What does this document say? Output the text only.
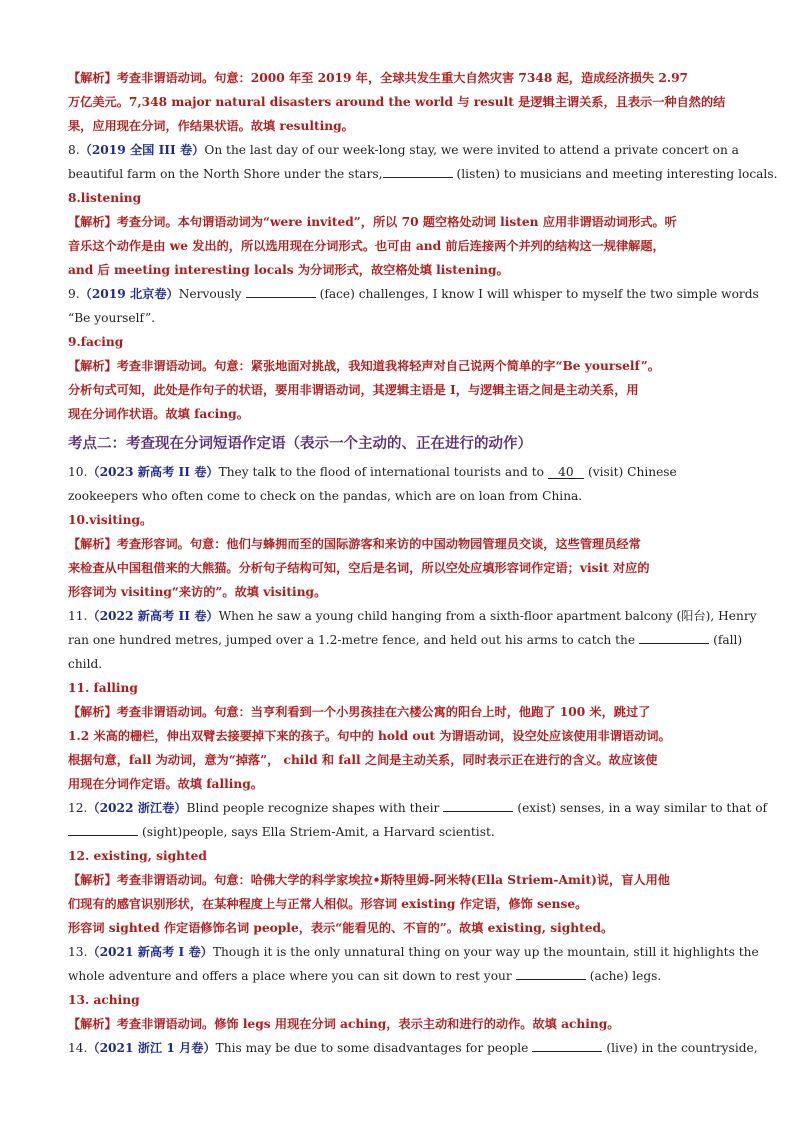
【解析】考查非谓语动词。句意：2000 年至 2019 年，全球共发生重大自然灾害 7348 起，造成经济损失 2.97
万亿美元。7,348 major natural disasters around the world 与 result 是逻辑主谓关系，且表示一种自然的结
果，应用现在分词，作结果状语。故填 resulting。
8.（2019 全国 III 卷）On the last day of our week-long stay, we were invited to attend a private concert on a
beautiful farm on the North Shore under the stars,	(listen) to musicians and meeting interesting locals.
8.listening
【解析】考查分词。本句谓语动词为“were invited”，所以 70 题空格处动词 listen 应用非谓语动词形式。听
音乐这个动作是由 we 发出的，所以选用现在分词形式。也可由 and 前后连接两个并列的结构这一规律解题，
and 后 meeting interesting locals 为分词形式，故空格处填 listening。
9.（2019 北京卷）Nervously	(face) challenges, I know I will whisper to myself the two simple words
“Be yourself”.
9.facing
【解析】考查非谓语动词。句意：紧张地面对挑战，我知道我将轻声对自己说两个简单的字“Be yourself”。
分析句式可知，此处是作句子的状语，要用非谓语动词，其逻辑主语是 I，与逻辑主语之间是主动关系，用
现在分词作状语。故填 facing。
考点二：考查现在分词短语作定语（表示一个主动的、正在进行的动作）
10.（2023 新高考 II 卷）They talk to the flood of international tourists and to 40 (visit) Chinese
zookeepers who often come to check on the pandas, which are on loan from China.
10.visiting。
【解析】考查形容词。句意：他们与蜂拥而至的国际游客和来访的中国动物园管理员交谈，这些管理员经常
来检查从中国租借来的大熊猫。分析句子结构可知，空后是名词，所以空处应填形容词作定语；visit 对应的
形容词为 visiting“来访的”。故填 visiting。
11.（2022 新高考 II 卷）When he saw a young child hanging from a sixth-floor apartment balcony (阳台), Henry
ran one hundred metres, jumped over a 1.2-metre fence, and held out his arms to catch the	(fall)
child.
11. falling
【解析】考查非谓语动词。句意：当亨利看到一个小男孩挂在六楼公寓的阳台上时，他跑了 100 米，跳过了
1.2 米高的栅栏，伸出双臂去接要掉下来的孩子。句中的 hold out 为谓语动词，设空处应该使用非谓语动词。
根据句意，fall 为动词，意为“掉落”， child 和 fall 之间是主动关系，同时表示正在进行的含义。故应该使
用现在分词作定语。故填 falling。
12.（2022 浙江卷）Blind people recognize shapes with their	(exist) senses, in a way similar to that of
(sight)people, says Ella Striem-Amit, a Harvard scientist.
12. existing, sighted
【解析】考查非谓语动词。句意：哈佛大学的科学家埃拉•斯特里姆-阿米特(Ella Striem-Amit)说，盲人用他
们现有的感官识别形状，在某种程度上与正常人相似。形容词 existing 作定语，修饰 sense。
形容词 sighted 作定语修饰名词 people，表示“能看见的、不盲的”。故填 existing, sighted。
13.（2021 新高考 I 卷）Though it is the only unnatural thing on your way up the mountain, still it highlights the
whole adventure and offers a place where you can sit down to rest your	(ache) legs.
13. aching
【解析】考查非谓语动词。修饰 legs 用现在分词 aching，表示主动和进行的动作。故填 aching。
14.（2021 浙江 1 月卷）This may be due to some disadvantages for people	(live) in the countryside,
